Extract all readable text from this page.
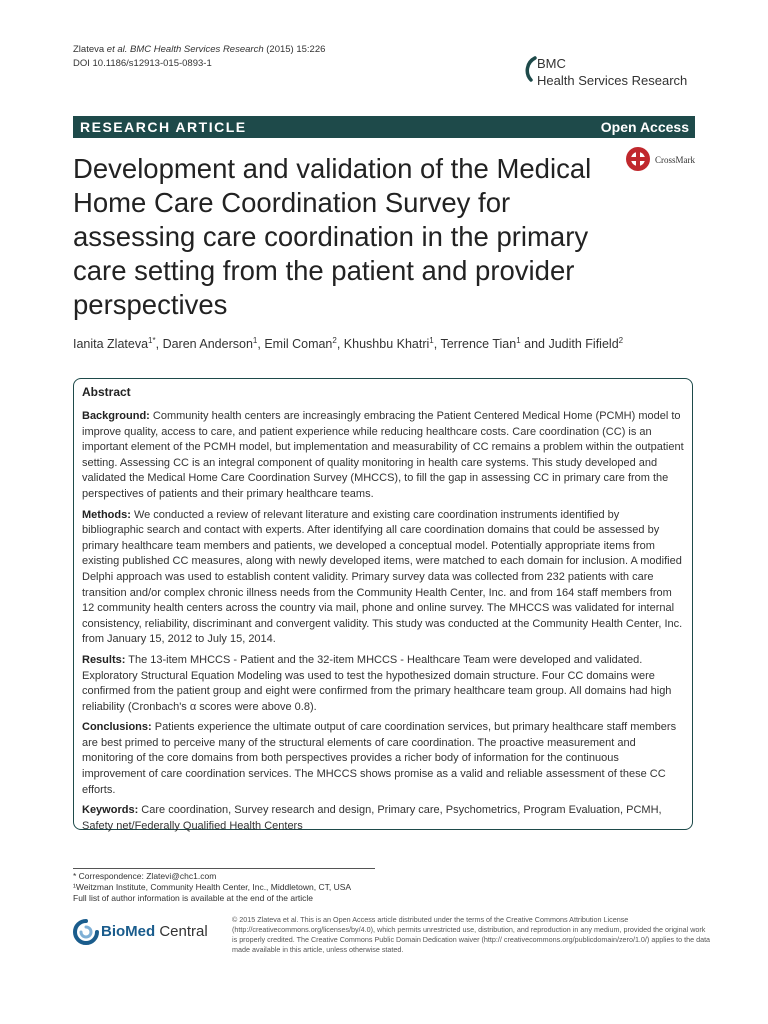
Zlateva et al. BMC Health Services Research (2015) 15:226
DOI 10.1186/s12913-015-0893-1	BMC
Health Services Research
RESEARCH ARTICLE	Open Access
Development and validation of the Medical Home Care Coordination Survey for assessing care coordination in the primary care setting from the patient and provider perspectives
CrossMark
Ianita Zlateva$^{1*}$, Daren Anderson$^1$, Emil Coman$^2$, Khushbu Khatri$^1$, Terrence Tian$^1$ and Judith Fifield$^2$
Abstract

Background: Community health centers are increasingly embracing the Patient Centered Medical Home (PCMH) model to improve quality, access to care, and patient experience while reducing healthcare costs. Care coordination (CC) is an important element of the PCMH model, but implementation and measurability of CC remains a problem within the outpatient setting. Assessing CC is an integral component of quality monitoring in health care systems. This study developed and validated the Medical Home Care Coordination Survey (MHCCS), to fill the gap in assessing CC in primary care from the perspectives of patients and their primary healthcare teams.

Methods: We conducted a review of relevant literature and existing care coordination instruments identified by bibliographic search and contact with experts. After identifying all care coordination domains that could be assessed by primary healthcare team members and patients, we developed a conceptual model. Potentially appropriate items from existing published CC measures, along with newly developed items, were matched to each domain for inclusion. A modified Delphi approach was used to establish content validity. Primary survey data was collected from 232 patients with care transition and/or complex chronic illness needs from the Community Health Center, Inc. and from 164 staff members from 12 community health centers across the country via mail, phone and online survey. The MHCCS was validated for internal consistency, reliability, discriminant and convergent validity. This study was conducted at the Community Health Center, Inc. from January 15, 2012 to July 15, 2014.

Results: The 13-item MHCCS - Patient and the 32-item MHCCS - Healthcare Team were developed and validated. Exploratory Structural Equation Modeling was used to test the hypothesized domain structure. Four CC domains were confirmed from the patient group and eight were confirmed from the primary healthcare team group. All domains had high reliability (Cronbach's α scores were above 0.8).

Conclusions: Patients experience the ultimate output of care coordination services, but primary healthcare staff members are best primed to perceive many of the structural elements of care coordination. The proactive measurement and monitoring of the core domains from both perspectives provides a richer body of information for the continuous improvement of care coordination services. The MHCCS shows promise as a valid and reliable assessment of these CC efforts.

Keywords: Care coordination, Survey research and design, Primary care, Psychometrics, Program Evaluation, PCMH, Safety net/Federally Qualified Health Centers

* Correspondence: Zlatevi@chc1.com
¹Weitzman Institute, Community Health Center, Inc., Middletown, CT, USA
Full list of author information is available at the end of the article
BioMed Central
© 2015 Zlateva et al. This is an Open Access article distributed under the terms of the Creative Commons Attribution License (http://creativecommons.org/licenses/by/4.0), which permits unrestricted use, distribution, and reproduction in any medium, provided the original work is properly credited. The Creative Commons Public Domain Dedication waiver (http:// creativecommons.org/publicdomain/zero/1.0/) applies to the data made available in this article, unless otherwise stated.
